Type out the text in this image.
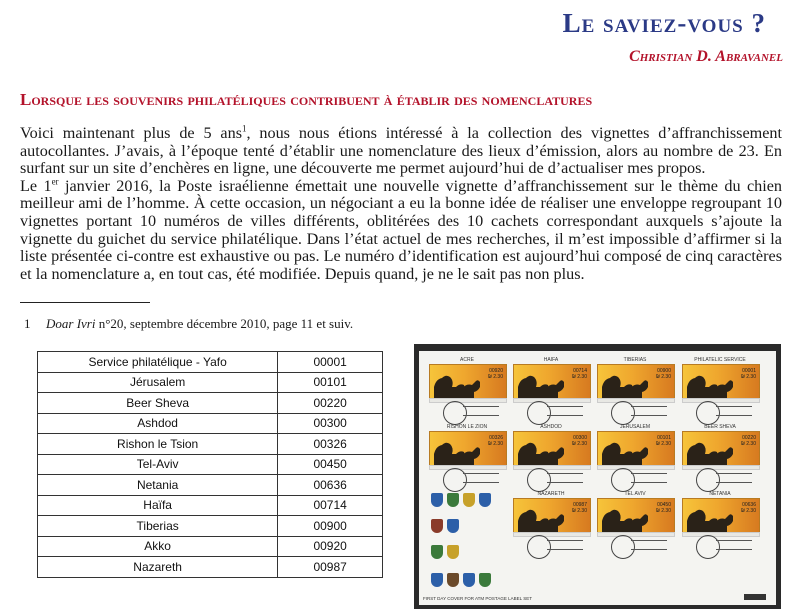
Le saviez-vous ?
Christian D. Abravanel
Lorsque les souvenirs philatéliques contribuent à établir des nomenclatures

Voici maintenant plus de 5 ans$^1$, nous nous étions intéressé à la collection des vignettes d’affranchissement autocollantes. J’avais, à l’époque tenté d’établir une nomenclature des lieux d’émission, alors au nombre de 23. En surfant sur un site d’enchères en ligne, une découverte me permet aujourd’hui de d’actualiser mes propos.

Le 1er janvier 2016, la Poste israélienne émettait une nouvelle vignette d’affranchissement sur le thème du chien meilleur ami de l’homme. À cette occasion, un négociant a eu la bonne idée de réaliser une enveloppe regroupant 10 vignettes portant 10 numéros de villes différents, oblitérées des 10 cachets correspondant auxquels s’ajoute la vignette du guichet du service philatélique. Dans l’état actuel de mes recherches, il m’est impossible d’affirmer si la liste présentée ci-contre est exhaustive ou pas. Le numéro d’identification est aujourd’hui composé de cinq caractères et la nomenclature a, en tout cas, été modifiée. Depuis quand, je ne le sait pas non plus.

1 Doar Ivri n°20, septembre décembre 2010, page 11 et suiv.
Service philatélique - Yafo	00001
Jérusalem	00101
Beer Sheva	00220
Ashdod	00300
Rishon le Tsion	00326
Tel-Aviv	00450
Netania	00636
Haïfa	00714
Tiberias	00900
Akko	00920
Nazareth	00987
FIRST DAY COVER FOR ATM POSTAGE LABEL SET
ACRE
00920
₪ 2.30
HAIFA
00714
₪ 2.30
TIBERIAS
00900
₪ 2.30
PHILATELIC SERVICE
00001
₪ 2.30
RISHON LE ZION
00326
₪ 2.30
ASHDOD
00300
₪ 2.30
JERUSALEM
00101
₪ 2.30
BEER SHEVA
00220
₪ 2.30
NAZARETH
00987
₪ 2.30
TEL AVIV
00450
₪ 2.30
NETANIA
00636
₪ 2.30
